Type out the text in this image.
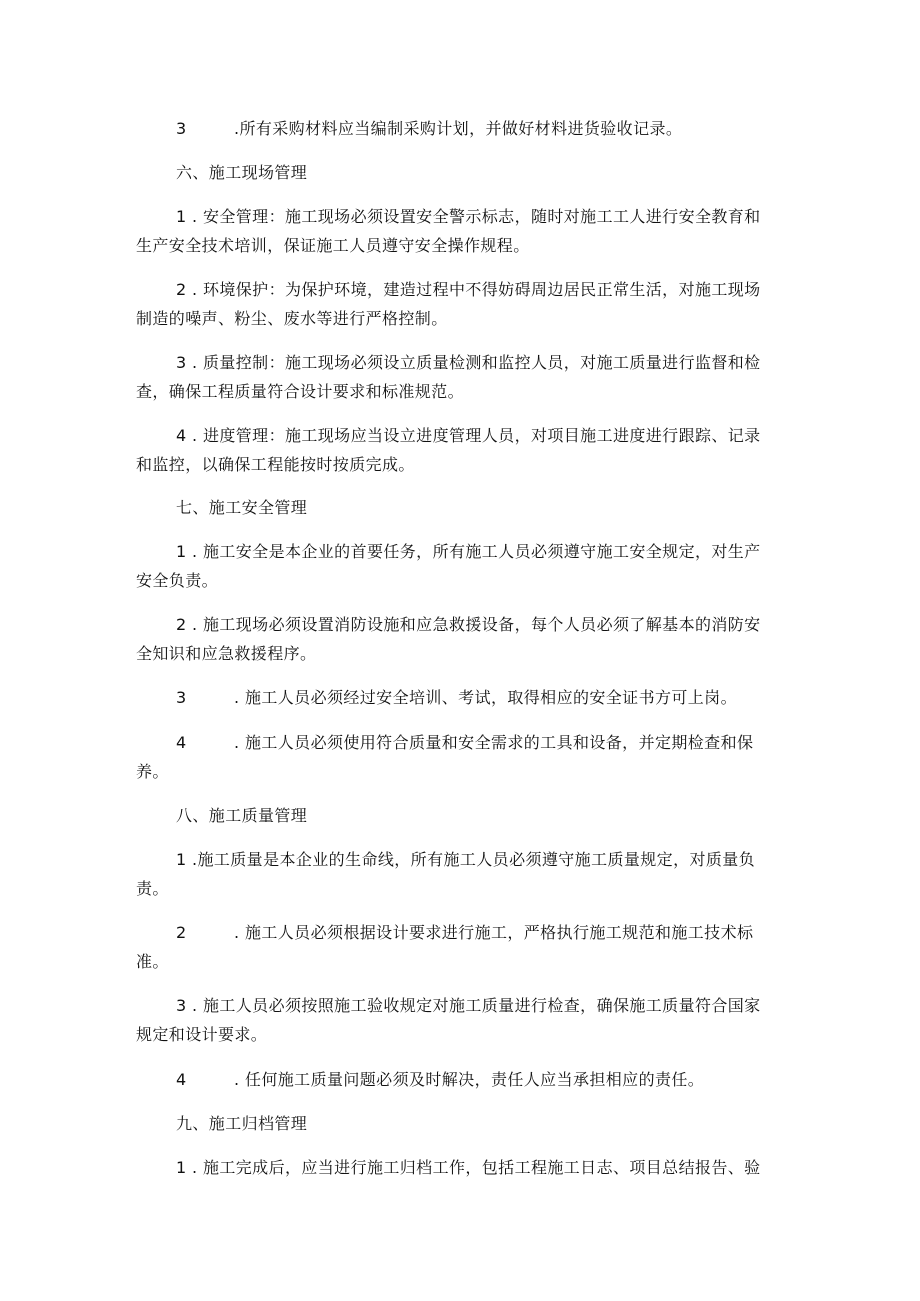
3	.所有采购材料应当编制采购计划，并做好材料进货验收记录。
六、施工现场管理
1 . 安全管理：施工现场必须设置安全警示标志，随时对施工工人进行安全教育和
生产安全技术培训，保证施工人员遵守安全操作规程。
2 . 环境保护：为保护环境，建造过程中不得妨碍周边居民正常生活，对施工现场
制造的噪声、粉尘、废水等进行严格控制。
3 . 质量控制：施工现场必须设立质量检测和监控人员，对施工质量进行监督和检
查，确保工程质量符合设计要求和标准规范。
4 . 进度管理：施工现场应当设立进度管理人员，对项目施工进度进行跟踪、记录
和监控，以确保工程能按时按质完成。
七、施工安全管理
1 . 施工安全是本企业的首要任务，所有施工人员必须遵守施工安全规定，对生产
安全负责。
2 . 施工现场必须设置消防设施和应急救援设备，每个人员必须了解基本的消防安
全知识和应急救援程序。
3	. 施工人员必须经过安全培训、考试，取得相应的安全证书方可上岗。
4	. 施工人员必须使用符合质量和安全需求的工具和设备，并定期检查和保
养。
八、施工质量管理
1 .施工质量是本企业的生命线，所有施工人员必须遵守施工质量规定，对质量负
责。
2	. 施工人员必须根据设计要求进行施工，严格执行施工规范和施工技术标
准。
3 . 施工人员必须按照施工验收规定对施工质量进行检查，确保施工质量符合国家
规定和设计要求。
4	. 任何施工质量问题必须及时解决，责任人应当承担相应的责任。
九、施工归档管理
1 . 施工完成后，应当进行施工归档工作，包括工程施工日志、项目总结报告、验
